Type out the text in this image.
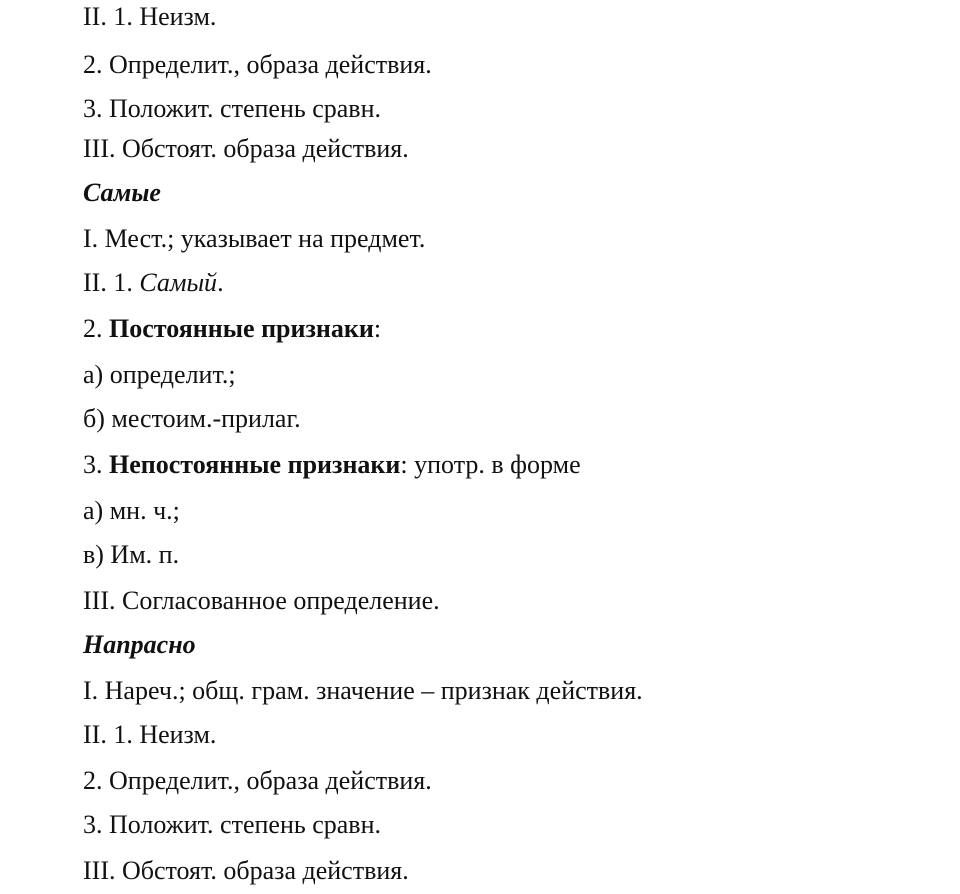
II. 1. Неизм.

2. Определит., образа действия.

3. Положит. степень сравн.

III. Обстоят. образа действия.

Самые

I. Мест.; указывает на предмет.

II. 1. Самый.

2. Постоянные признаки:

а) определит.;

б) местоим.-прилаг.

3. Непостоянные признаки: употр. в форме

а) мн. ч.;

в) Им. п.

III. Согласованное определение.

Напрасно

I. Нареч.; общ. грам. значение – признак действия.

II. 1. Неизм.

2. Определит., образа действия.

3. Положит. степень сравн.

III. Обстоят. образа действия.
